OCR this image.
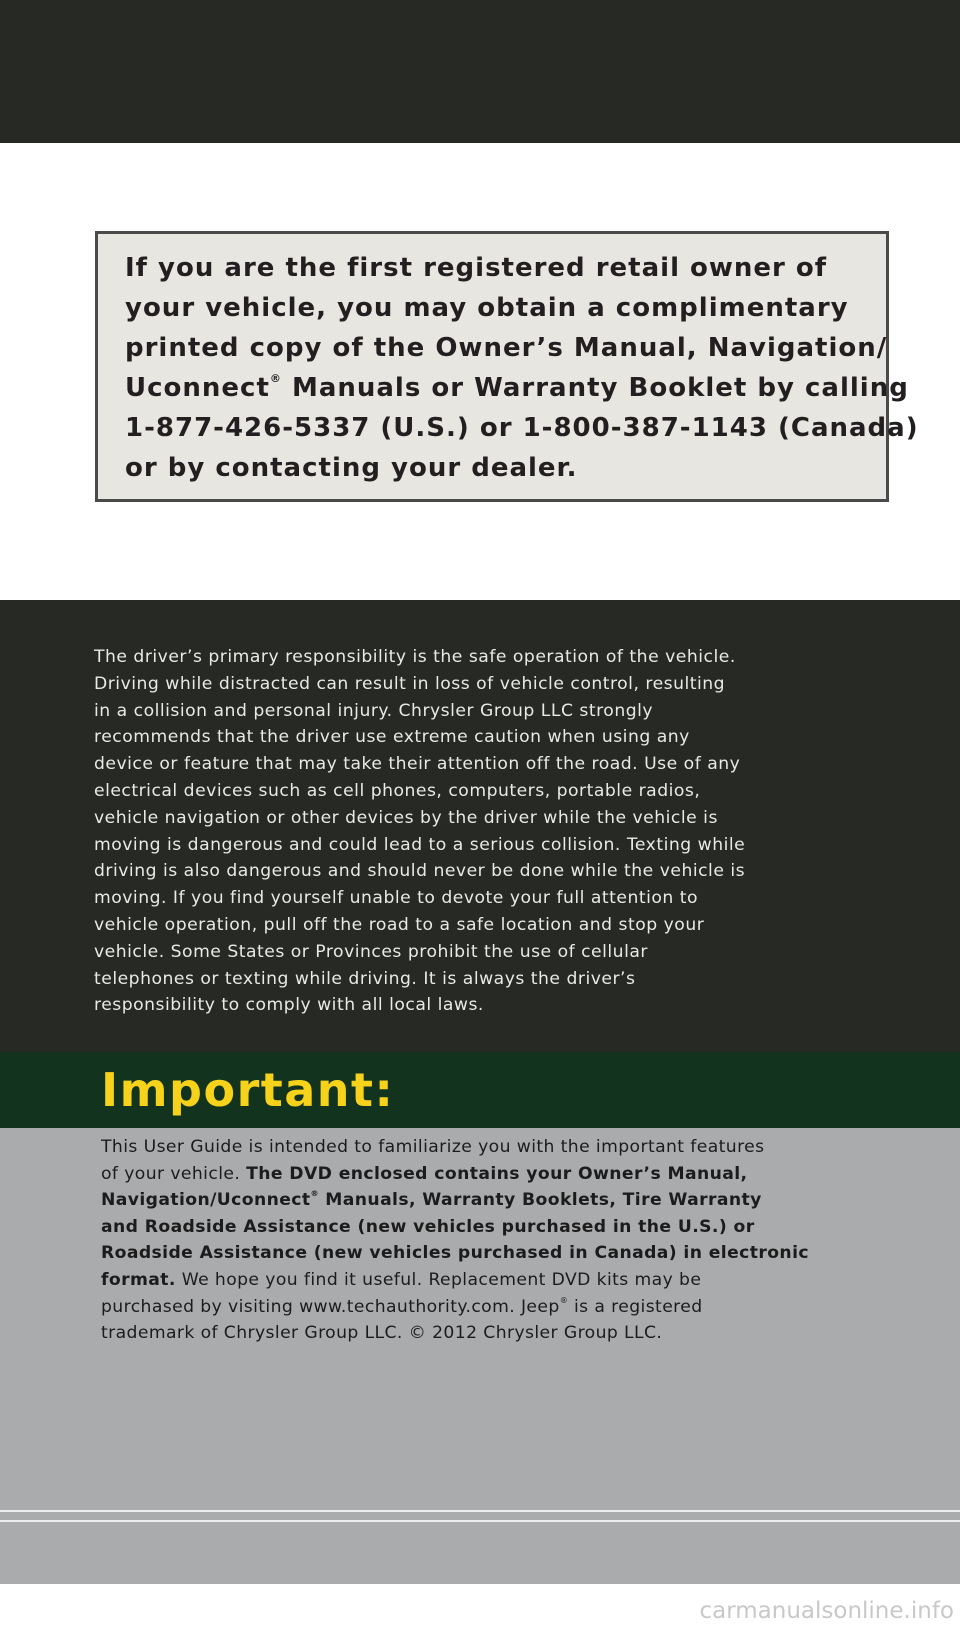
If you are the first registered retail owner of
your vehicle, you may obtain a complimentary
printed copy of the Owner’s Manual, Navigation/
Uconnect® Manuals or Warranty Booklet by calling
1-877-426-5337 (U.S.) or 1-800-387-1143 (Canada)
or by contacting your dealer.
The driver’s primary responsibility is the safe operation of the vehicle.
Driving while distracted can result in loss of vehicle control, resulting
in a collision and personal injury. Chrysler Group LLC strongly
recommends that the driver use extreme caution when using any
device or feature that may take their attention off the road. Use of any
electrical devices such as cell phones, computers, portable radios,
vehicle navigation or other devices by the driver while the vehicle is
moving is dangerous and could lead to a serious collision. Texting while
driving is also dangerous and should never be done while the vehicle is
moving. If you find yourself unable to devote your full attention to
vehicle operation, pull off the road to a safe location and stop your
vehicle. Some States or Provinces prohibit the use of cellular
telephones or texting while driving. It is always the driver’s
responsibility to comply with all local laws.
Important:
This User Guide is intended to familiarize you with the important features
of your vehicle. The DVD enclosed contains your Owner’s Manual,
Navigation/Uconnect® Manuals, Warranty Booklets, Tire Warranty
and Roadside Assistance (new vehicles purchased in the U.S.) or
Roadside Assistance (new vehicles purchased in Canada) in electronic
format. We hope you find it useful. Replacement DVD kits may be
purchased by visiting www.techauthority.com. Jeep® is a registered
trademark of Chrysler Group LLC. © 2012 Chrysler Group LLC.
carmanualsonline.info
